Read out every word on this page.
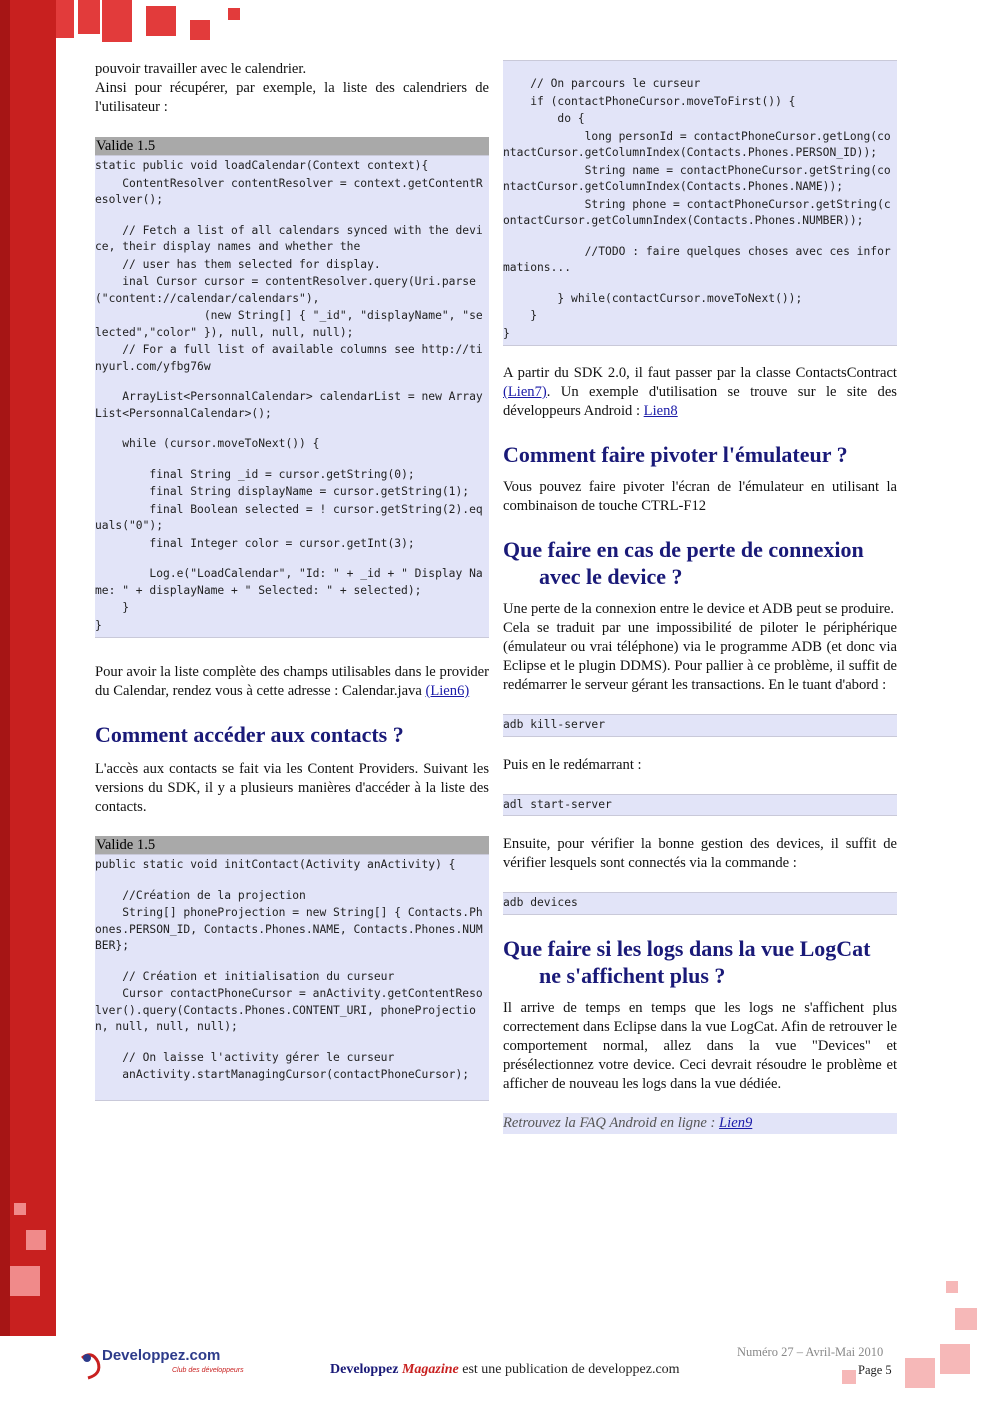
pouvoir travailler avec le calendrier.

Ainsi pour récupérer, par exemple, la liste des calendriers de l'utilisateur :

Valide 1.5
static public void loadCalendar(Context context){
ContentResolver contentResolver = context.getContentResolver();
// Fetch a list of all calendars synced with the device, their display names and whether the
// user has them selected for display.
inal Cursor cursor = contentResolver.query(Uri.parse("content://calendar/calendars"),
(new String[] { "_id", "displayName", "selected","color" }), null, null, null);
// For a full list of available columns see http://tinyurl.com/yfbg76w
ArrayList<PersonnalCalendar> calendarList = new ArrayList<PersonnalCalendar>();
while (cursor.moveToNext()) {
final String _id = cursor.getString(0);
final String displayName = cursor.getString(1);
final Boolean selected = ! cursor.getString(2).equals("0");
final Integer color = cursor.getInt(3);
Log.e("LoadCalendar", "Id: " + _id + " Display Name: " + displayName + " Selected: " + selected);
}
}

Pour avoir la liste complète des champs utilisables dans le provider du Calendar, rendez vous à cette adresse : Calendar.java (Lien6)

Comment accéder aux contacts ?

L'accès aux contacts se fait via les Content Providers. Suivant les versions du SDK, il y a plusieurs manières d'accéder à la liste des contacts.

Valide 1.5
public static void initContact(Activity anActivity) {
//Création de la projection
String[] phoneProjection = new String[] { Contacts.Phones.PERSON_ID, Contacts.Phones.NAME, Contacts.Phones.NUMBER};
// Création et initialisation du curseur
Cursor contactPhoneCursor = anActivity.getContentResolver().query(Contacts.Phones.CONTENT_URI, phoneProjection, null, null, null);
// On laisse l'activity gérer le curseur
anActivity.startManagingCursor(contactPhoneCursor);
// On parcours le curseur
if (contactPhoneCursor.moveToFirst()) {
do {
long personId = contactPhoneCursor.getLong(contactCursor.getColumnIndex(Contacts.Phones.PERSON_ID));
String name = contactPhoneCursor.getString(contactCursor.getColumnIndex(Contacts.Phones.NAME));
String phone = contactPhoneCursor.getString(contactCursor.getColumnIndex(Contacts.Phones.NUMBER));
//TODO : faire quelques choses avec ces informations...
} while(contactCursor.moveToNext());
}
}

A partir du SDK 2.0, il faut passer par la classe ContactsContract (Lien7). Un exemple d'utilisation se trouve sur le site des développeurs Android : Lien8

Comment faire pivoter l'émulateur ?

Vous pouvez faire pivoter l'écran de l'émulateur en utilisant la combinaison de touche CTRL-F12

Que faire en cas de perte de connexion
avec le device ?

Une perte de la connexion entre le device et ADB peut se produire.

Cela se traduit par une impossibilité de piloter le périphérique (émulateur ou vrai téléphone) via le programme ADB (et donc via Eclipse et le plugin DDMS). Pour pallier à ce problème, il suffit de redémarrer le serveur gérant les transactions. En le tuant d'abord :

adb kill-server

Puis en le redémarrant :

adl start-server

Ensuite, pour vérifier la bonne gestion des devices, il suffit de vérifier lesquels sont connectés via la commande :

adb devices
Que faire si les logs dans la vue LogCat
ne s'affichent plus ?

Il arrive de temps en temps que les logs ne s'affichent plus correctement dans Eclipse dans la vue LogCat. Afin de retrouver le comportement normal, allez dans la vue "Devices" et présélectionnez votre device. Ceci devrait résoudre le problème et afficher de nouveau les logs dans la vue dédiée.

Retrouvez la FAQ Android en ligne : Lien9
Developpez.com
Club des développeurs	Developpez Magazine est une publication de developpez.com
Numéro 27 – Avril-Mai 2010
Page 5
